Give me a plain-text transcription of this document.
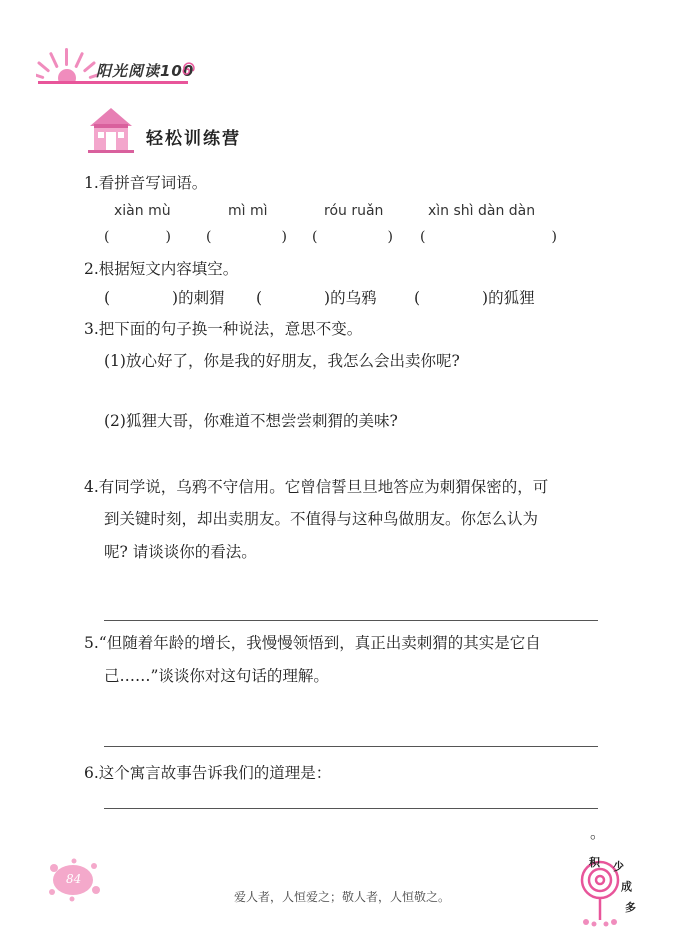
阳光阅读100
轻松训练营
1.看拼音写词语。
xiàn mù	mì mì	róu ruǎn	xìn shì dàn dàn
(　　　　)	(　　　　　) (　　　　　) (　　　　　　　　　)
2.根据短文内容填空。
(　　　　)的刺猬 (　　　　)的乌鸦 (　　　　)的狐狸
3.把下面的句子换一种说法，意思不变。
(1)放心好了，你是我的好朋友，我怎么会出卖你呢?
(2)狐狸大哥，你难道不想尝尝刺猬的美味?
4.有同学说，乌鸦不守信用。它曾信誓旦旦地答应为刺猬保密的，可
到关键时刻，却出卖朋友。不值得与这种鸟做朋友。你怎么认为
呢? 请谈谈你的看法。
5.“但随着年龄的增长，我慢慢领悟到，真正出卖刺猬的其实是它自
己……”谈谈你对这句话的理解。
6.这个寓言故事告诉我们的道理是：
。
84
爱人者，人恒爱之；敬人者，人恒敬之。
积 少
成
多
